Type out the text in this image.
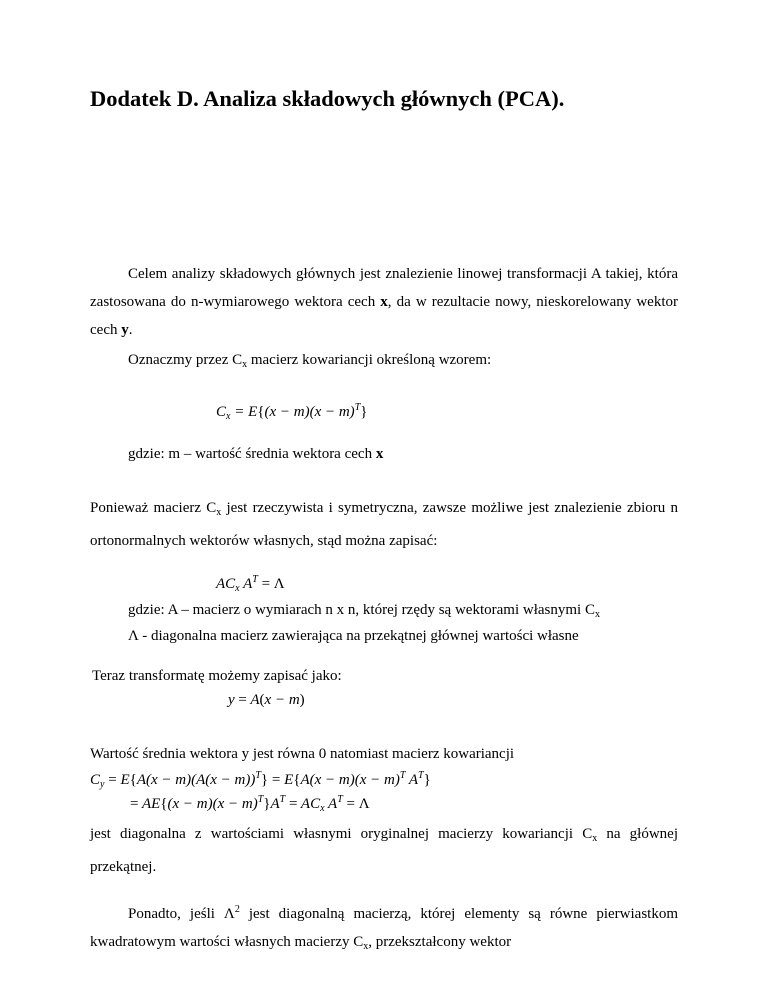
Dodatek D. Analiza składowych głównych (PCA).
Celem analizy składowych głównych jest znalezienie linowej transformacji A takiej, która zastosowana do n-wymiarowego wektora cech x, da w rezultacie nowy, nieskorelowany wektor cech y.
Oznaczmy przez $C_x$ macierz kowariancji określoną wzorem:
$C_x = E\{(x - m)(x - m)^T\}$
gdzie: m – wartość średnia wektora cech x
Ponieważ macierz $C_x$ jest rzeczywista i symetryczna, zawsze możliwe jest znalezienie zbioru n ortonormalnych wektorów własnych, stąd można zapisać:
$AC_x$ $A^T = \Lambda$
gdzie: A – macierz o wymiarach n x n, której rzędy są wektorami własnymi $C_x$
Λ - diagonalna macierz zawierająca na przekątnej głównej wartości własne
Teraz transformatę możemy zapisać jako:
y = A(x − m)
Wartość średnia wektora y jest równa 0 natomiast macierz kowariancji
$C_y = E\{A(x - m)(A(x - m))^T\} = E\{A(x - m)(x - m)^T$ $A^T$}
= $AE\{(x - m)(x - m)^T\}A^T = AC_x$ $A^T = \Lambda$
jest diagonalna z wartościami własnymi oryginalnej macierzy kowariancji $C_x$ na głównej przekątnej.
Ponadto, jeśli $\Lambda^2$ jest diagonalną macierzą, której elementy są równe pierwiastkom kwadratowym wartości własnych macierzy $C_x$, przekształcony wektor
